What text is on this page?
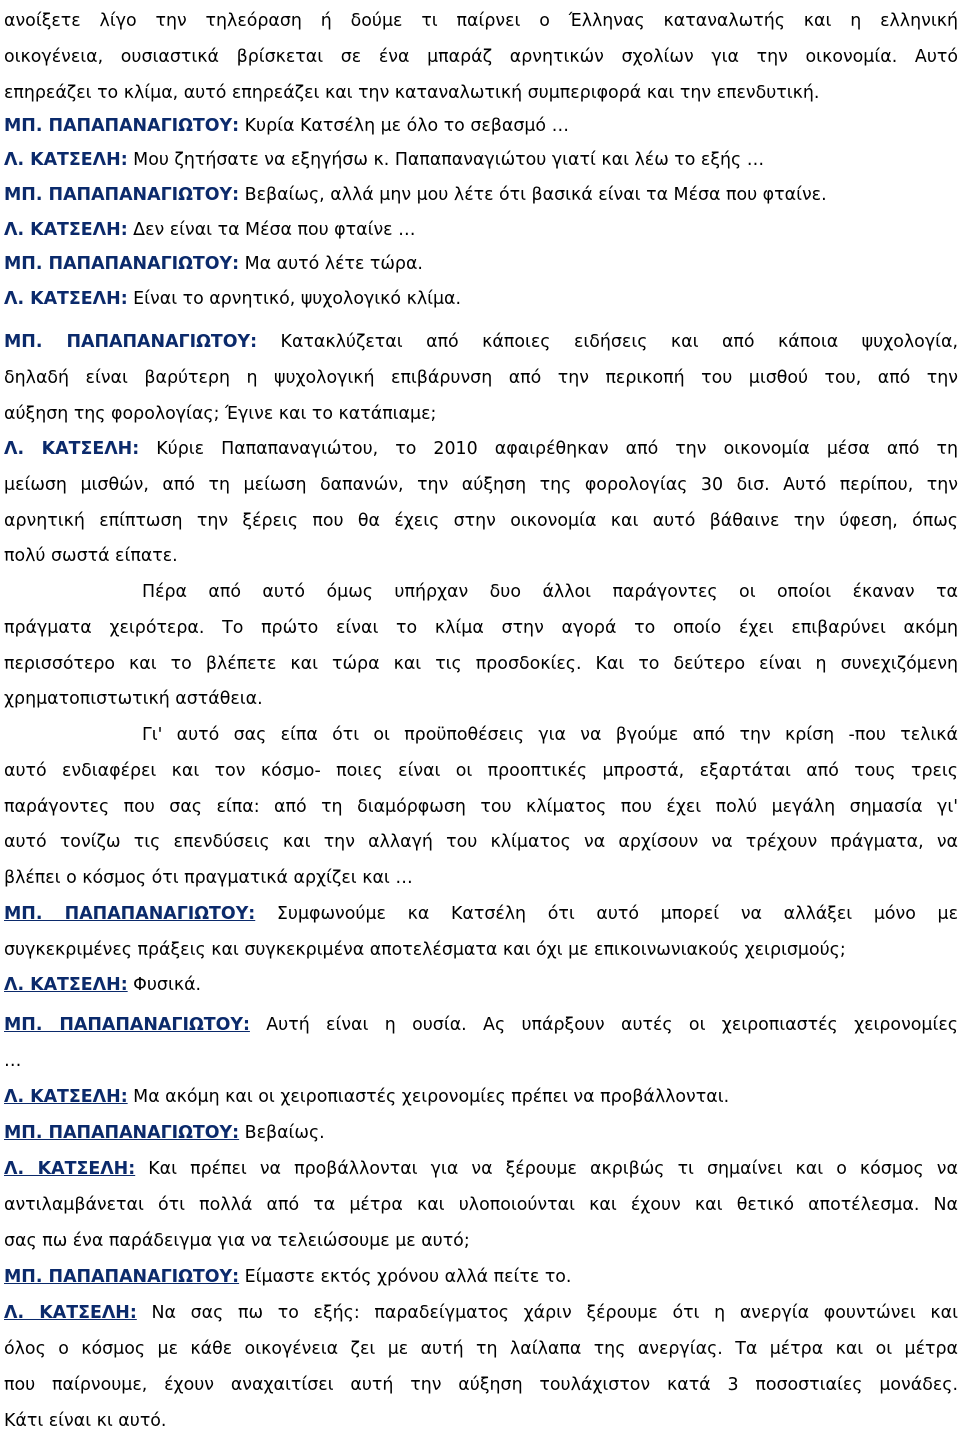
ανοίξετε λίγο την τηλεόραση ή δούμε τι παίρνει ο Έλληνας καταναλωτής και η ελληνική
οικογένεια, ουσιαστικά βρίσκεται σε ένα μπαράζ αρνητικών σχολίων για την οικονομία. Αυτό
επηρεάζει το κλίμα, αυτό επηρεάζει και την καταναλωτική συμπεριφορά και την επενδυτική.
ΜΠ. ΠΑΠΑΠΑΝΑΓΙΩΤΟΥ: Κυρία Κατσέλη με όλο το σεβασμό …
Λ. ΚΑΤΣΕΛΗ: Μου ζητήσατε να εξηγήσω κ. Παπαπαναγιώτου γιατί και λέω το εξής …
ΜΠ. ΠΑΠΑΠΑΝΑΓΙΩΤΟΥ: Βεβαίως, αλλά μην μου λέτε ότι βασικά είναι τα Μέσα που φταίνε.
Λ. ΚΑΤΣΕΛΗ: Δεν είναι τα Μέσα που φταίνε …
ΜΠ. ΠΑΠΑΠΑΝΑΓΙΩΤΟΥ: Μα αυτό λέτε τώρα.
Λ. ΚΑΤΣΕΛΗ: Είναι το αρνητικό, ψυχολογικό κλίμα.
ΜΠ. ΠΑΠΑΠΑΝΑΓΙΩΤΟΥ: Κατακλύζεται από κάποιες ειδήσεις και από κάποια ψυχολογία,
δηλαδή είναι βαρύτερη η ψυχολογική επιβάρυνση από την περικοπή του μισθού του, από την
αύξηση της φορολογίας; Έγινε και το κατάπιαμε;
Λ. ΚΑΤΣΕΛΗ: Κύριε Παπαπαναγιώτου, το 2010 αφαιρέθηκαν από την οικονομία μέσα από τη
μείωση μισθών, από τη μείωση δαπανών, την αύξηση της φορολογίας 30 δισ. Αυτό περίπου, την
αρνητική επίπτωση την ξέρεις που θα έχεις στην οικονομία και αυτό βάθαινε την ύφεση, όπως
πολύ σωστά είπατε.
Πέρα από αυτό όμως υπήρχαν δυο άλλοι παράγοντες οι οποίοι έκαναν τα
πράγματα χειρότερα. Το πρώτο είναι το κλίμα στην αγορά το οποίο έχει επιβαρύνει ακόμη
περισσότερο και το βλέπετε και τώρα και τις προσδοκίες. Και το δεύτερο είναι η συνεχιζόμενη
χρηματοπιστωτική αστάθεια.
Γι' αυτό σας είπα ότι οι προϋποθέσεις για να βγούμε από την κρίση -που τελικά
αυτό ενδιαφέρει και τον κόσμο- ποιες είναι οι προοπτικές μπροστά, εξαρτάται από τους τρεις
παράγοντες που σας είπα: από τη διαμόρφωση του κλίματος που έχει πολύ μεγάλη σημασία γι'
αυτό τονίζω τις επενδύσεις και την αλλαγή του κλίματος να αρχίσουν να τρέχουν πράγματα, να
βλέπει ο κόσμος ότι πραγματικά αρχίζει και …
ΜΠ. ΠΑΠΑΠΑΝΑΓΙΩΤΟΥ: Συμφωνούμε κα Κατσέλη ότι αυτό μπορεί να αλλάξει μόνο με
συγκεκριμένες πράξεις και συγκεκριμένα αποτελέσματα και όχι με επικοινωνιακούς χειρισμούς;
Λ. ΚΑΤΣΕΛΗ: Φυσικά.
ΜΠ. ΠΑΠΑΠΑΝΑΓΙΩΤΟΥ: Αυτή είναι η ουσία. Ας υπάρξουν αυτές οι χειροπιαστές χειρονομίες
…
Λ. ΚΑΤΣΕΛΗ: Μα ακόμη και οι χειροπιαστές χειρονομίες πρέπει να προβάλλονται.
ΜΠ. ΠΑΠΑΠΑΝΑΓΙΩΤΟΥ: Βεβαίως.
Λ. ΚΑΤΣΕΛΗ: Και πρέπει να προβάλλονται για να ξέρουμε ακριβώς τι σημαίνει και ο κόσμος να
αντιλαμβάνεται ότι πολλά από τα μέτρα και υλοποιούνται και έχουν και θετικό αποτέλεσμα. Να
σας πω ένα παράδειγμα για να τελειώσουμε με αυτό;
ΜΠ. ΠΑΠΑΠΑΝΑΓΙΩΤΟΥ: Είμαστε εκτός χρόνου αλλά πείτε το.
Λ. ΚΑΤΣΕΛΗ: Να σας πω το εξής: παραδείγματος χάριν ξέρουμε ότι η ανεργία φουντώνει και
όλος ο κόσμος με κάθε οικογένεια ζει με αυτή τη λαίλαπα της ανεργίας. Τα μέτρα και οι μέτρα
που παίρνουμε, έχουν αναχαιτίσει αυτή την αύξηση τουλάχιστον κατά 3 ποσοστιαίες μονάδες.
Κάτι είναι κι αυτό.
